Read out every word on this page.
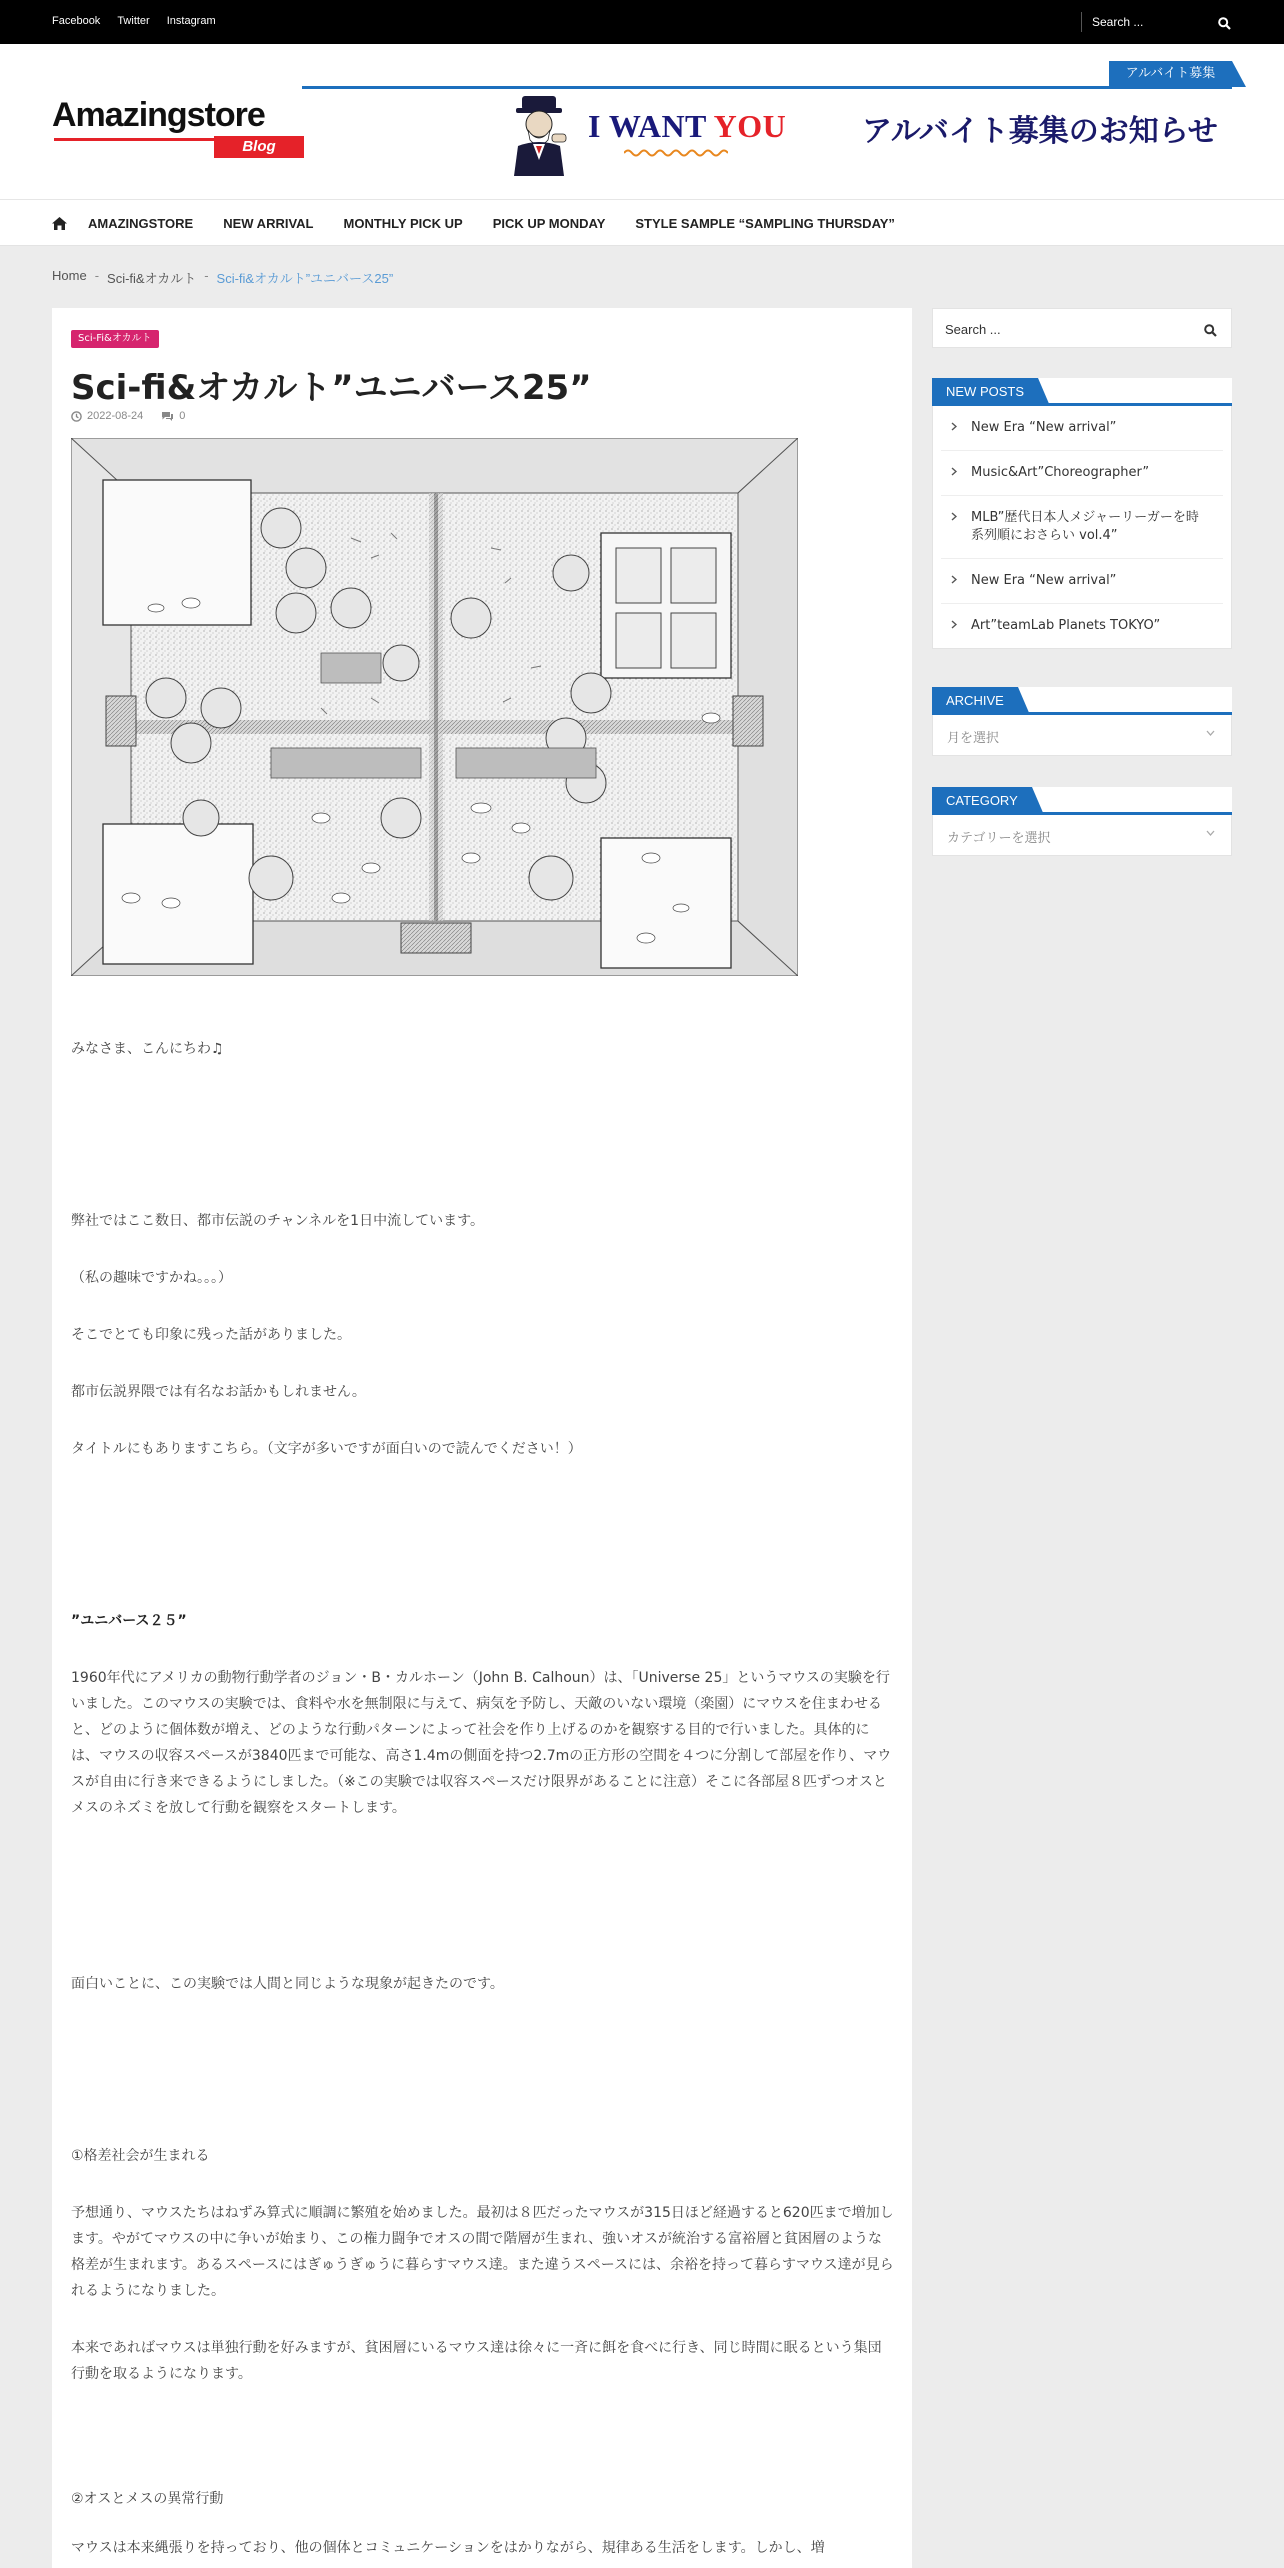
Facebook Twitter Instagram
Search ...
Amazingstore
Blog
アルバイト募集
I WANT YOU	アルバイト募集のお知らせ
AMAZINGSTORE NEW ARRIVAL MONTHLY PICK UP PICK UP MONDAY STYLE SAMPLE “SAMPLING THURSDAY”
Home - Sci-fi&オカルト - Sci-fi&オカルト”ユニバース25”
Sci-Fi&オカルト
Sci-fi&オカルト”ユニバース25”
2022-08-24	0

みなさま、こんにちわ♫

弊社ではここ数日、都市伝説のチャンネルを1日中流しています。

（私の趣味ですかね。。。）

そこでとても印象に残った話がありました。

都市伝説界隈では有名なお話かもしれません。

タイトルにもありますこちら。（文字が多いですが面白いので読んでください！）

”ユニバース２５”

1960年代にアメリカの動物行動学者のジョン・B・カルホーン（John B. Calhoun）は、「Universe 25」というマウスの実験を行いました。このマウスの実験では、食料や水を無制限に与えて、病気を予防し、天敵のいない環境（楽園）にマウスを住まわせると、どのように個体数が増え、どのような行動パターンによって社会を作り上げるのかを観察する目的で行いました。具体的には、マウスの収容スペースが3840匹まで可能な、高さ1.4mの側面を持つ2.7mの正方形の空間を４つに分割して部屋を作り、マウスが自由に行き来できるようにしました。（※この実験では収容スペースだけ限界があることに注意）そこに各部屋８匹ずつオスとメスのネズミを放して行動を観察をスタートします。

面白いことに、この実験では人間と同じような現象が起きたのです。

①格差社会が生まれる

予想通り、マウスたちはねずみ算式に順調に繁殖を始めました。最初は８匹だったマウスが315日ほど経過すると620匹まで増加します。やがてマウスの中に争いが始まり、この権力闘争でオスの間で階層が生まれ、強いオスが統治する富裕層と貧困層のような格差が生まれます。あるスペースにはぎゅうぎゅうに暮らすマウス達。また違うスペースには、余裕を持って暮らすマウス達が見られるようになりました。

本来であればマウスは単独行動を好みますが、貧困層にいるマウス達は徐々に一斉に餌を食べに行き、同じ時間に眠るという集団行動を取るようになります。

②オスとメスの異常行動

マウスは本来縄張りを持っており、他の個体とコミュニケーションをはかりながら、規律ある生活をします。しかし、増

Search ...
NEW POSTS
New Era “New arrival”
Music&Art”Choreographer”
MLB”歴代日本人メジャーリーガーを時系列順におさらい vol.4”
New Era “New arrival”
Art”teamLab Planets TOKYO”
ARCHIVE
月を選択
CATEGORY
カテゴリーを選択
